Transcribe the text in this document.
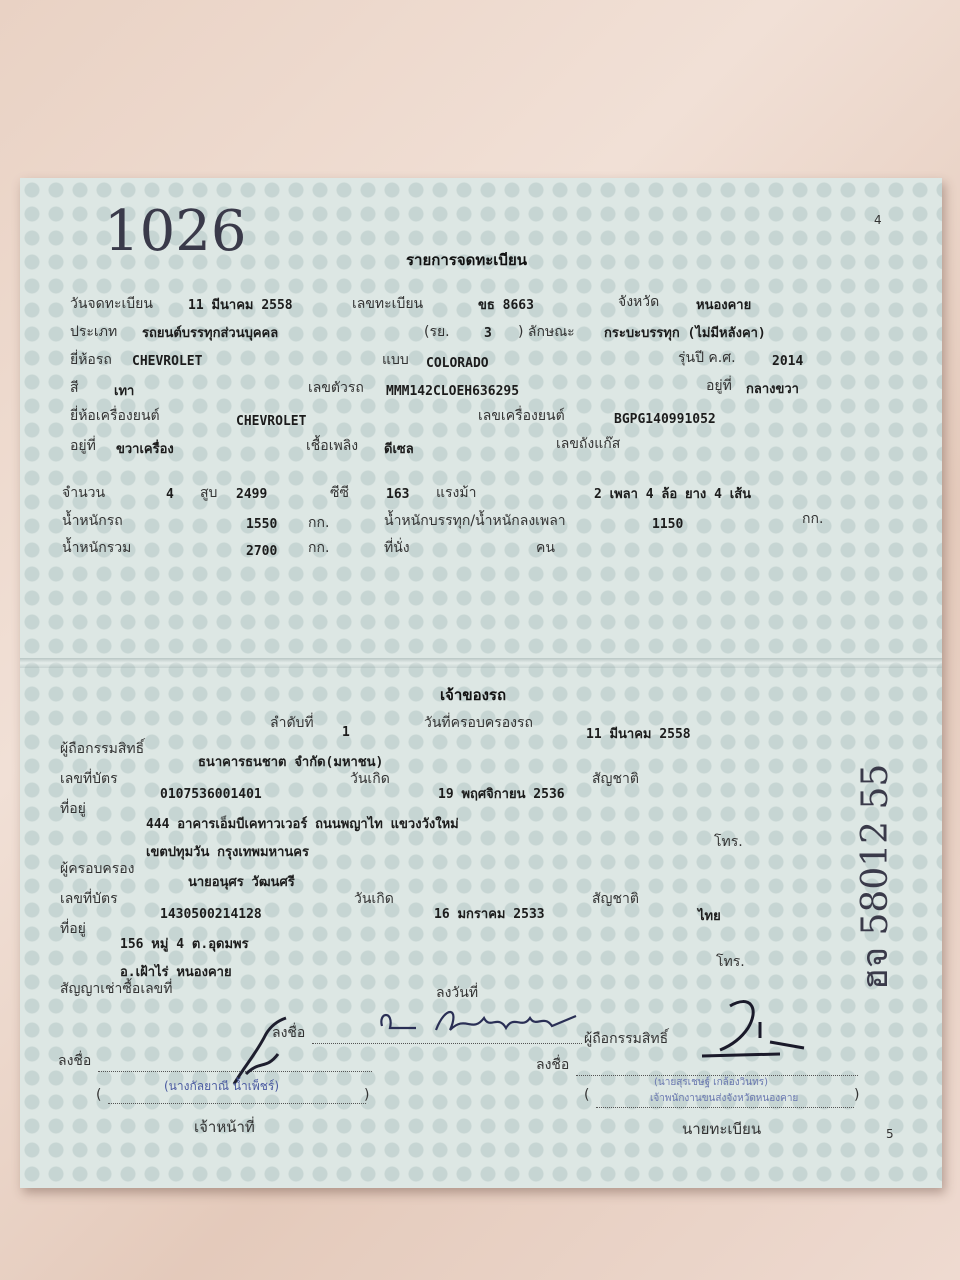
4
5
1026
ฮจ 58012 55
รายการจดทะเบียน
วันจดทะเบียน	11 มีนาคม 2558	เลขทะเบียน	ขธ 8663	จังหวัด	หนองคาย
ประเภท รถยนต์บรรทุกส่วนบุคคล	(รย.	3 ) ลักษณะ กระบะบรรทุก (ไม่มีหลังคา)
ยี่ห้อรถ CHEVROLET	แบบ COLORADO	รุ่นปี ค.ศ.	2014
สี	เทา	เลขตัวรถ MMM142CLOEH636295	อยู่ที่ กลางขวา
ยี่ห้อเครื่องยนต์	CHEVROLET	เลขเครื่องยนต์	BGPG140991052
อยู่ที่ ขวาเครื่อง	เชื้อเพลิง ดีเซล	เลขถังแก๊ส
จำนวน	4 สูบ 2499	ซีซี	163 แรงม้า	2 เพลา 4 ล้อ ยาง 4 เส้น
น้ำหนักรถ	1550 กก.	น้ำหนักบรรทุก/น้ำหนักลงเพลา	1150	กก.
น้ำหนักรวม	2700 กก.	ที่นั่ง	คน
เจ้าของรถ
ลำดับที่
1
วันที่ครอบครองรถ
11 มีนาคม 2558
ผู้ถือกรรมสิทธิ์
ธนาคารธนชาต จำกัด(มหาชน)
เลขที่บัตร	วันเกิด	สัญชาติ
0107536001401	19 พฤศจิกายน 2536
ที่อยู่
444 อาคารเอ็มบีเคทาวเวอร์ ถนนพญาไท แขวงวังใหม่
โทร.
เขตปทุมวัน กรุงเทพมหานคร
ผู้ครอบครอง
นายอนุศร วัฒนศรี
เลขที่บัตร	วันเกิด	สัญชาติ
1430500214128	16 มกราคม 2533	ไทย
ที่อยู่
156 หมู่ 4 ต.อุดมพร
โทร.
อ.เฝ้าไร่ หนองคาย
สัญญาเช่าซื้อเลขที่	ลงวันที่
ลงชื่อ	ผู้ถือกรรมสิทธิ์
ลงชื่อ
(
(นางกัลยาณี น้ำเพ็ชร์)
)
เจ้าหน้าที่
ลงชื่อ
(
(นายสุรเชษฐ์ เกล้องวินทร)
เจ้าพนักงานขนส่งจังหวัดหนองคาย	)
นายทะเบียน
